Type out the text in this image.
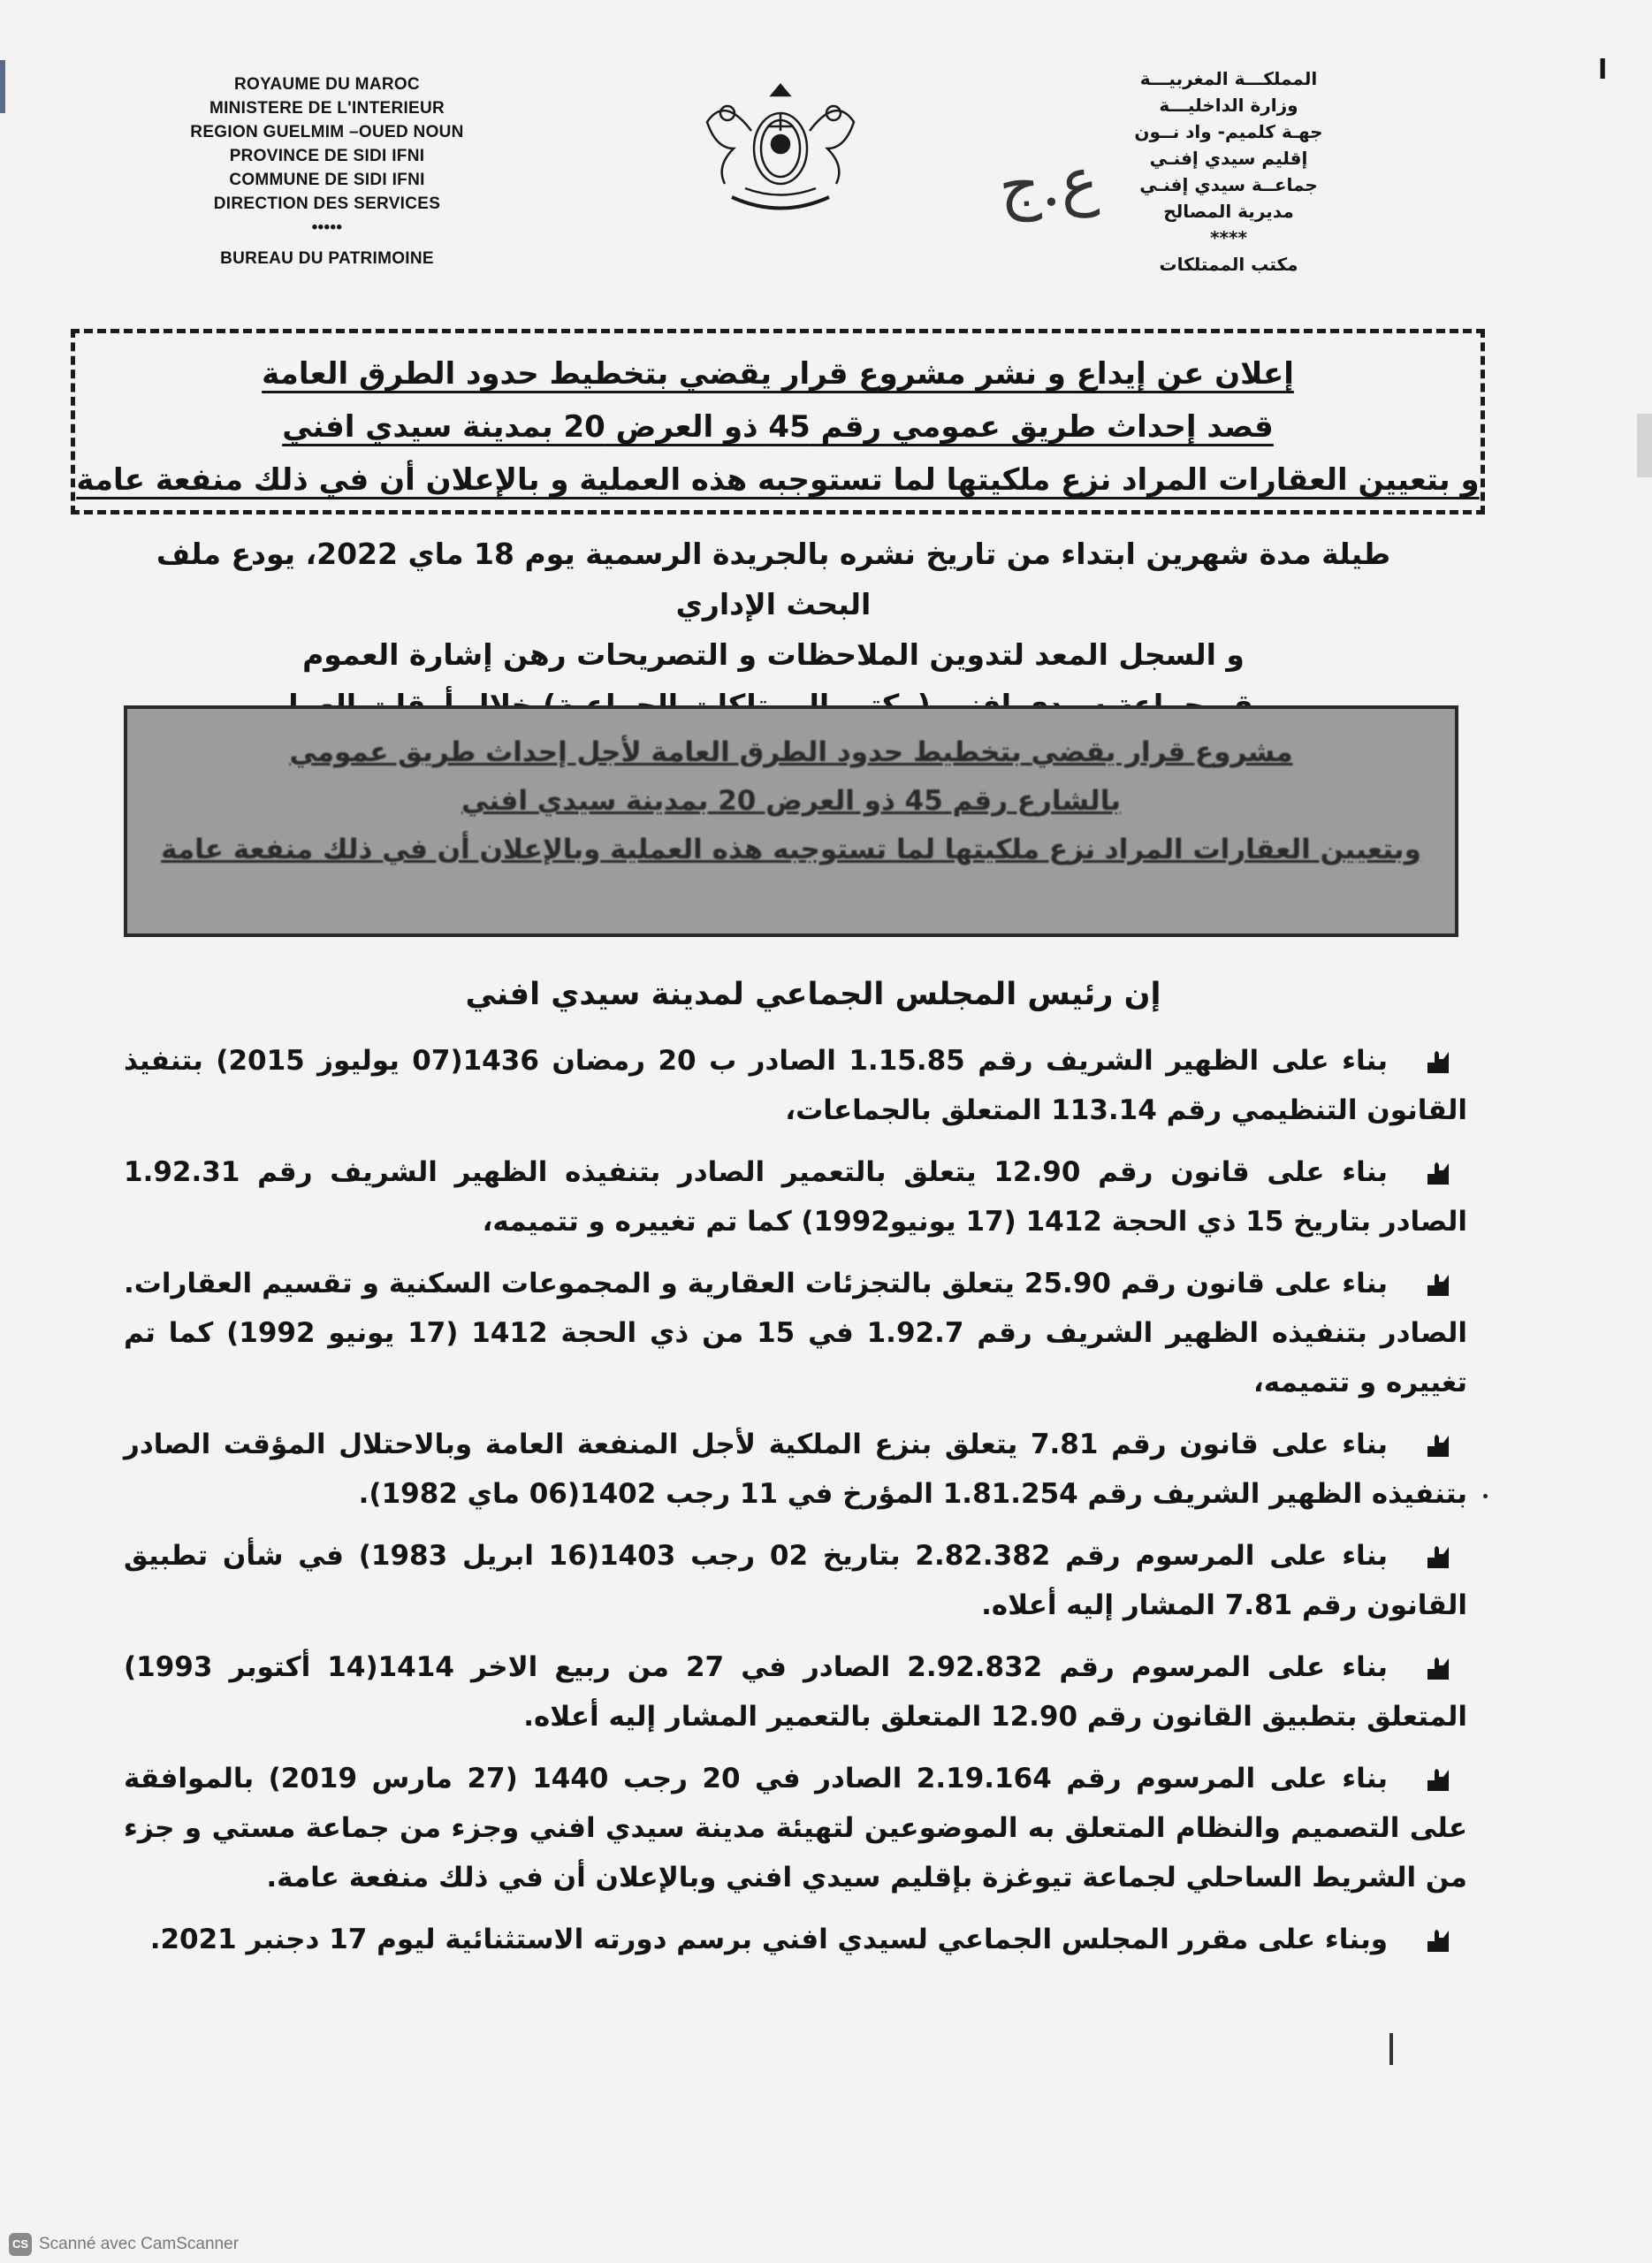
ا
ROYAUME DU MAROC
MINISTERE DE L'INTERIEUR
REGION GUELMIM –OUED NOUN
PROVINCE DE SIDI IFNI
COMMUNE DE SIDI IFNI
DIRECTION DES SERVICES
•••••
BUREAU DU PATRIMOINE
ع.ج
المملكـــة المغربيـــة
وزارة الداخليـــة
جهـة كلميم- واد نــون
إقليم سيدي إفنـي
جماعــة سيدي إفنـي
مديرية المصالح
****
مكتب الممتلكات
إعلان عن إيداع و نشر مشروع قرار يقضي بتخطيط حدود الطرق العامة
قصد إحداث طريق عمومي رقم 45 ذو العرض 20 بمدينة سيدي افني
و بتعيين العقارات المراد نزع ملكيتها لما تستوجبه هذه العملية و بالإعلان أن في ذلك منفعة عامة
طيلة مدة شهرين ابتداء من تاريخ نشره بالجريدة الرسمية يوم 18 ماي 2022، يودع ملف البحث الإداري
و السجل المعد لتدوين الملاحظات و التصريحات رهن إشارة العموم
مشروع قرار يقضي بتخطيط حدود الطرق العامة لأجل إحداث طريق عمومي
بالشارع رقم 45 ذو العرض 20 بمدينة سيدي افني
وبتعيين العقارات المراد نزع ملكيتها لما تستوجبه هذه العملية وبالإعلان أن في ذلك منفعة عامة
إن رئيس المجلس الجماعي لمدينة سيدي افني
بناء على الظهير الشريف رقم 1.15.85 الصادر ب 20 رمضان 1436(07 يوليوز 2015) بتنفيذ القانون التنظيمي رقم 113.14 المتعلق بالجماعات،
بناء على قانون رقم 12.90 يتعلق بالتعمير الصادر بتنفيذه الظهير الشريف رقم 1.92.31 الصادر بتاريخ 15 ذي الحجة 1412 (17 يونيو1992) كما تم تغييره و تتميمه،
بناء على قانون رقم 25.90 يتعلق بالتجزئات العقارية و المجموعات السكنية و تقسيم العقارات. الصادر بتنفيذه الظهير الشريف رقم 1.92.7 في 15 من ذي الحجة 1412 (17 يونيو 1992) كما تم تغييره و تتميمه،
بناء على قانون رقم 7.81 يتعلق بنزع الملكية لأجل المنفعة العامة وبالاحتلال المؤقت الصادر بتنفيذه الظهير الشريف رقم 1.81.254 المؤرخ في 11 رجب 1402(06 ماي 1982).
بناء على المرسوم رقم 2.82.382 بتاريخ 02 رجب 1403(16 ابريل 1983) في شأن تطبيق القانون رقم 7.81 المشار إليه أعلاه.
بناء على المرسوم رقم 2.92.832 الصادر في 27 من ربيع الاخر 1414(14 أكتوبر 1993) المتعلق بتطبيق القانون رقم 12.90 المتعلق بالتعمير المشار إليه أعلاه.
بناء على المرسوم رقم 2.19.164 الصادر في 20 رجب 1440 (27 مارس 2019) بالموافقة على التصميم والنظام المتعلق به الموضوعين لتهيئة مدينة سيدي افني وجزء من جماعة مستي و جزء من الشريط الساحلي لجماعة تيوغزة بإقليم سيدي افني وبالإعلان أن في ذلك منفعة عامة.
وبناء على مقرر المجلس الجماعي لسيدي افني برسم دورته الاستثنائية ليوم 17 دجنبر 2021.
CS Scanné avec CamScanner
